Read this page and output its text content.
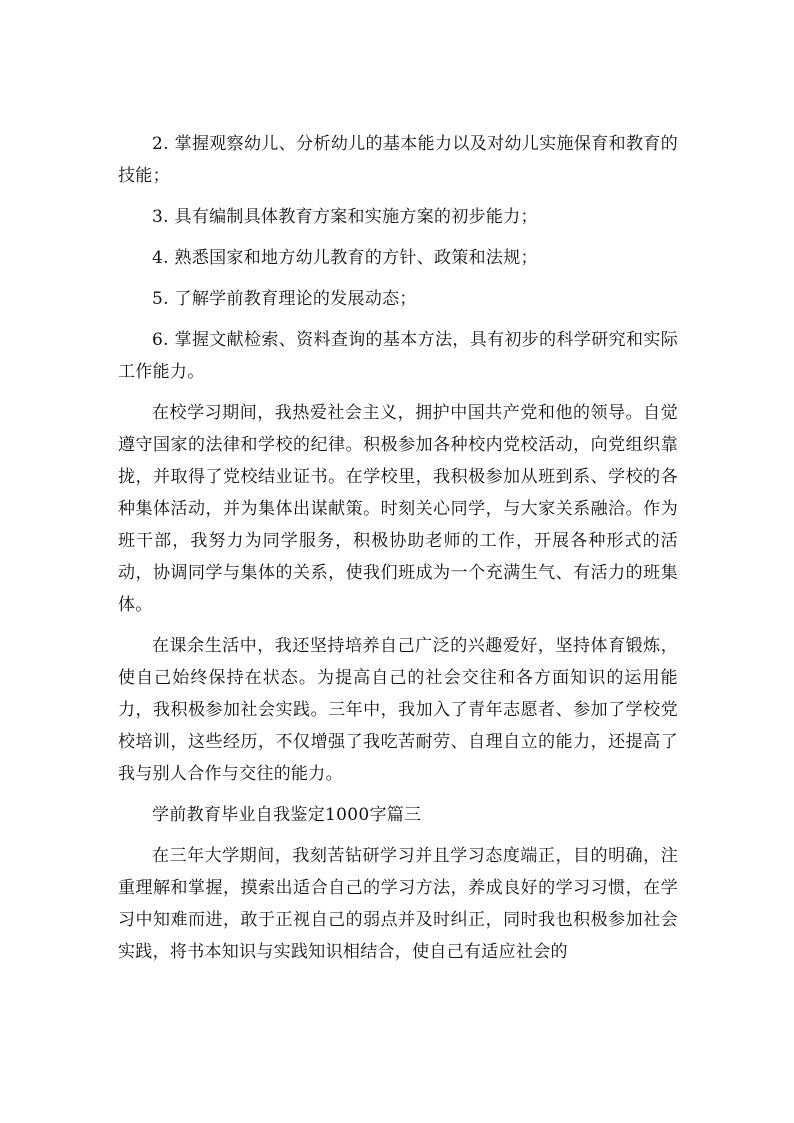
2. 掌握观察幼儿、分析幼儿的基本能力以及对幼儿实施保育和教育的技能；

3. 具有编制具体教育方案和实施方案的初步能力；

4. 熟悉国家和地方幼儿教育的方针、政策和法规；

5. 了解学前教育理论的发展动态；

6. 掌握文献检索、资料查询的基本方法，具有初步的科学研究和实际工作能力。

在校学习期间，我热爱社会主义，拥护中国共产党和他的领导。自觉遵守国家的法律和学校的纪律。积极参加各种校内党校活动，向党组织靠拢，并取得了党校结业证书。在学校里，我积极参加从班到系、学校的各种集体活动，并为集体出谋献策。时刻关心同学，与大家关系融洽。作为班干部，我努力为同学服务，积极协助老师的工作，开展各种形式的活动，协调同学与集体的关系，使我们班成为一个充满生气、有活力的班集体。

在课余生活中，我还坚持培养自己广泛的兴趣爱好，坚持体育锻炼，使自己始终保持在状态。为提高自己的社会交往和各方面知识的运用能力，我积极参加社会实践。三年中，我加入了青年志愿者、参加了学校党校培训，这些经历，不仅增强了我吃苦耐劳、自理自立的能力，还提高了我与别人合作与交往的能力。

学前教育毕业自我鉴定1000字篇三

在三年大学期间，我刻苦钻研学习并且学习态度端正，目的明确，注重理解和掌握，摸索出适合自己的学习方法，养成良好的学习习惯，在学习中知难而进，敢于正视自己的弱点并及时纠正，同时我也积极参加社会实践，将书本知识与实践知识相结合，使自己有适应社会的
